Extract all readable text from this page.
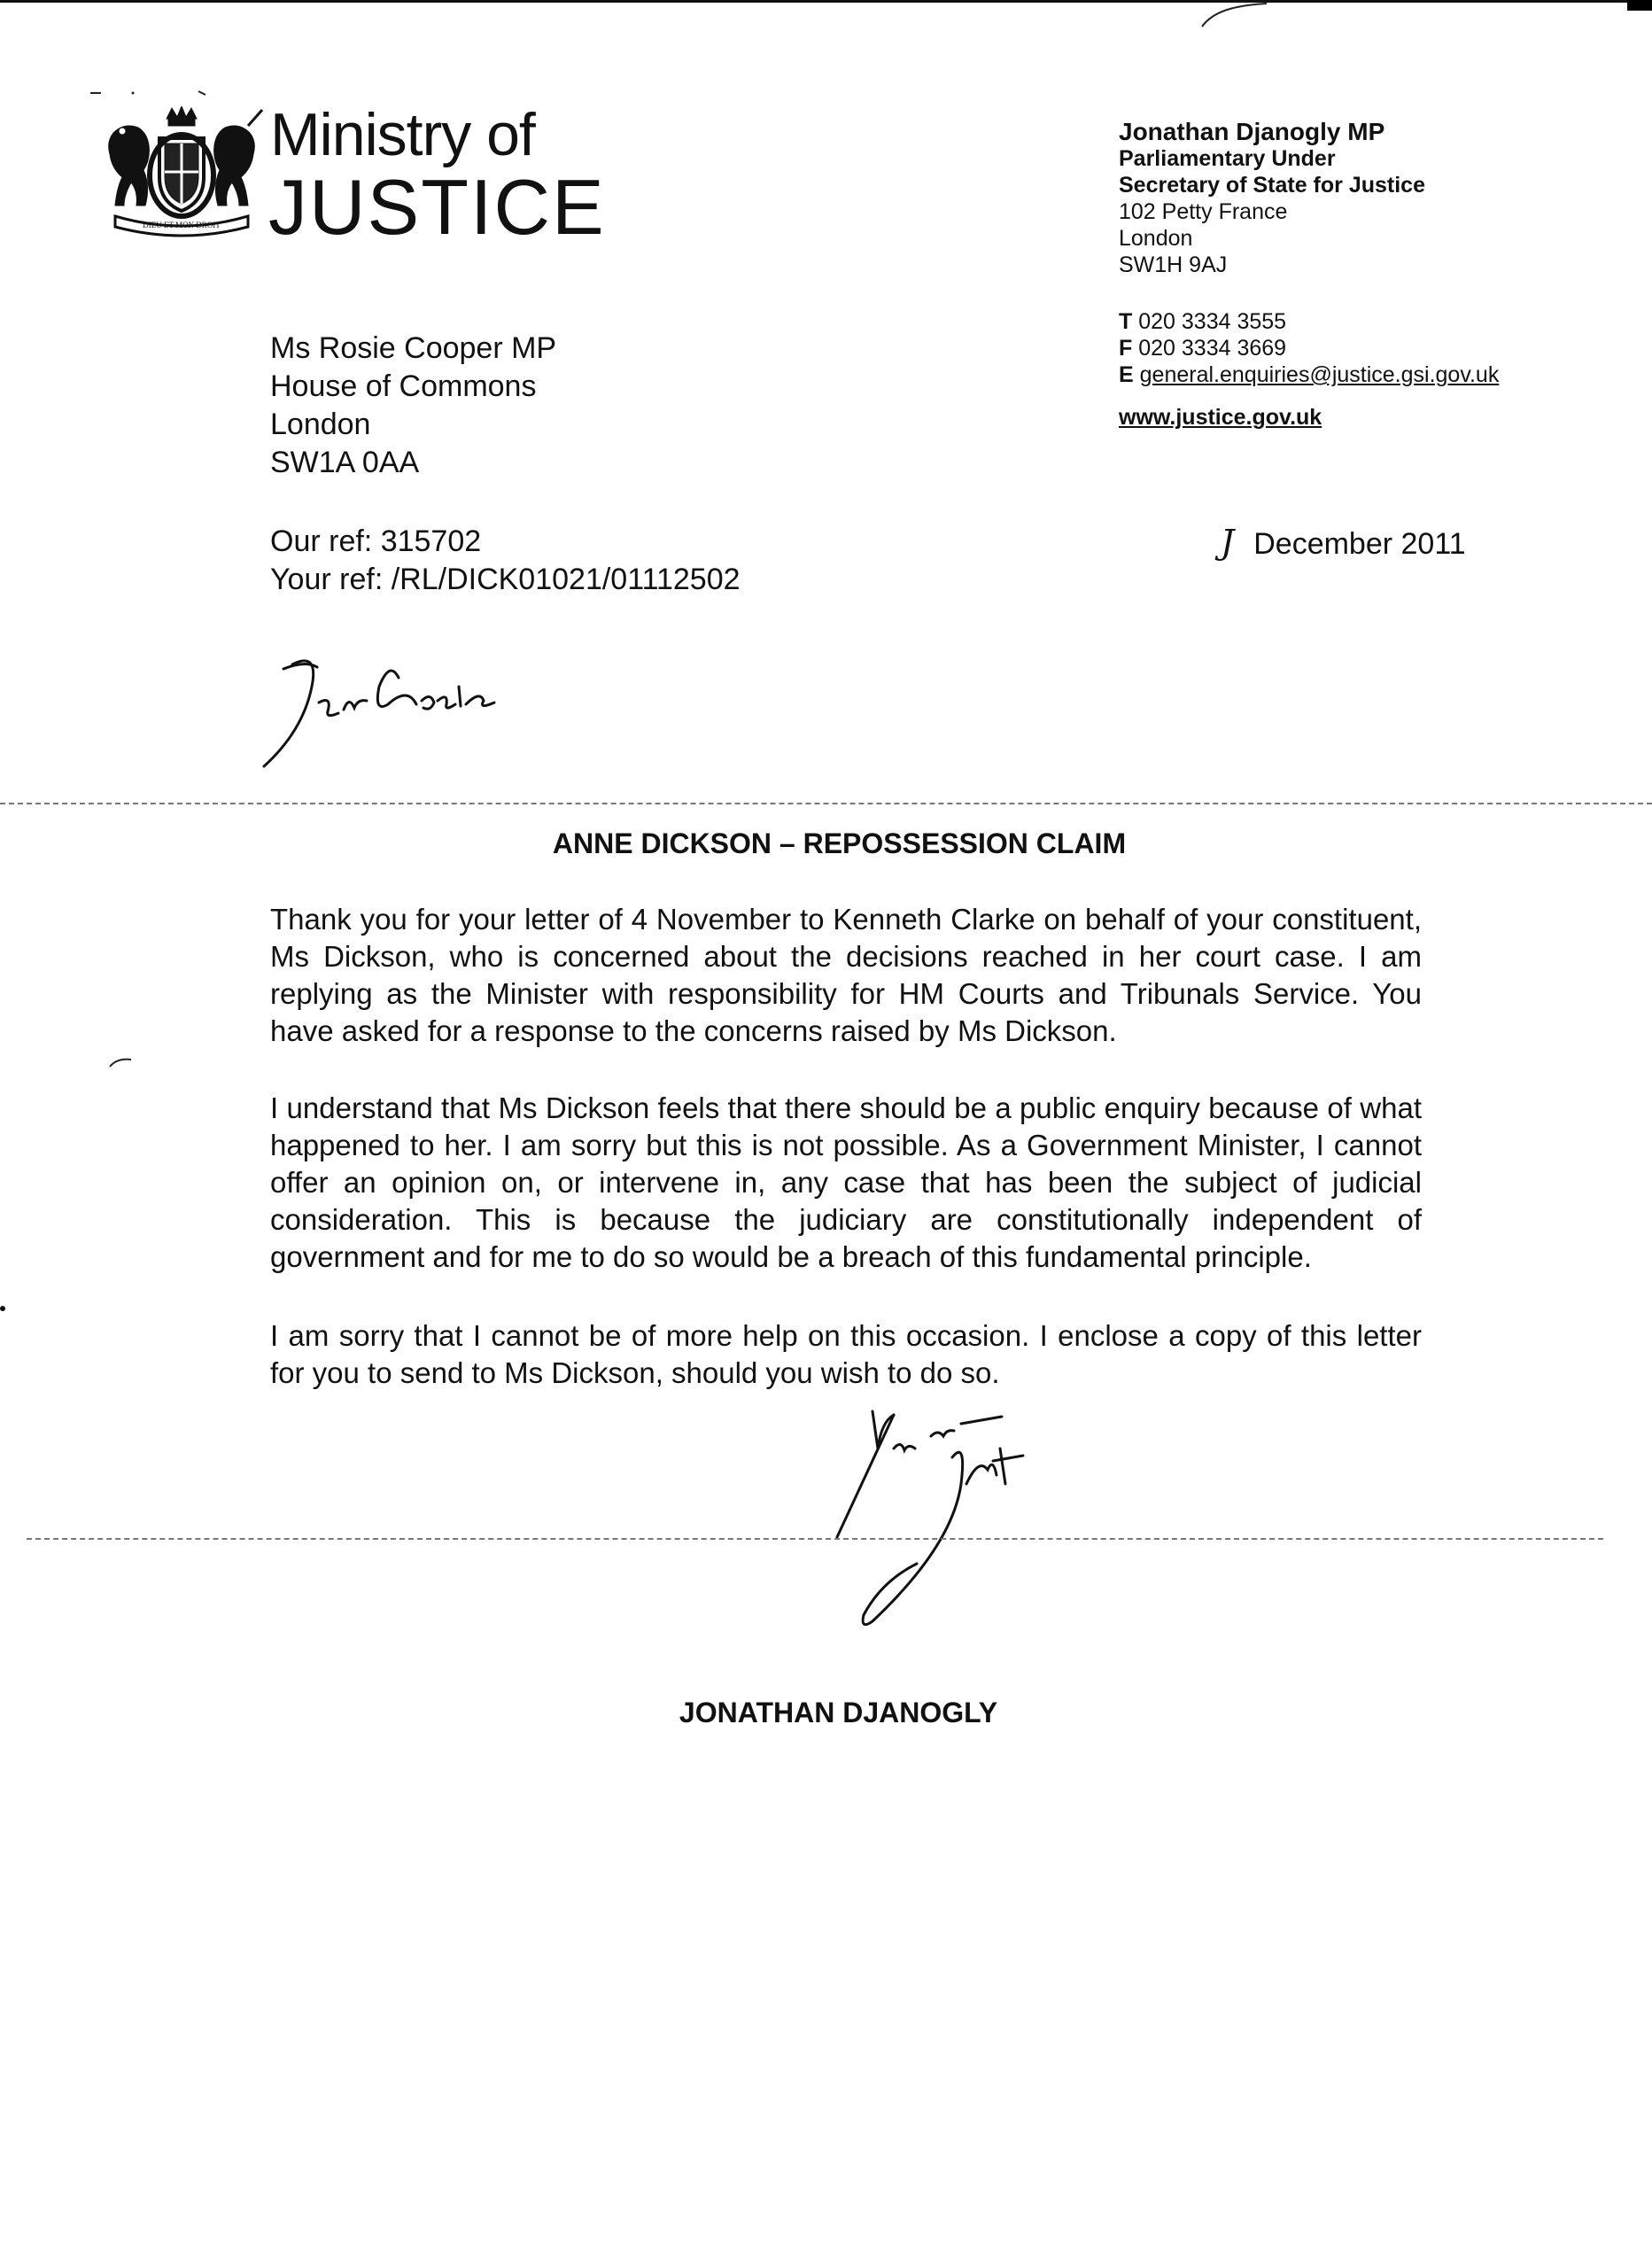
DIEU ET MON DROIT
Ministry of
JUSTICE
Jonathan Djanogly MP
Parliamentary Under
Secretary of State for Justice
102 Petty France
London
SW1H 9AJ
T 020 3334 3555
F 020 3334 3669
E general.enquiries@justice.gsi.gov.uk
www.justice.gov.uk
Ms Rosie Cooper MP
House of Commons
London
SW1A 0AA
Our ref: 315702
Your ref: /RL/DICK01021/01112502
J December 2011
ANNE DICKSON – REPOSSESSION CLAIM
Thank you for your letter of 4 November to Kenneth Clarke on behalf of your constituent, Ms Dickson, who is concerned about the decisions reached in her court case. I am replying as the Minister with responsibility for HM Courts and Tribunals Service. You have asked for a response to the concerns raised by Ms Dickson.
I understand that Ms Dickson feels that there should be a public enquiry because of what happened to her. I am sorry but this is not possible. As a Government Minister, I cannot offer an opinion on, or intervene in, any case that has been the subject of judicial consideration. This is because the judiciary are constitutionally independent of government and for me to do so would be a breach of this fundamental principle.
I am sorry that I cannot be of more help on this occasion. I enclose a copy of this letter for you to send to Ms Dickson, should you wish to do so.
JONATHAN DJANOGLY
